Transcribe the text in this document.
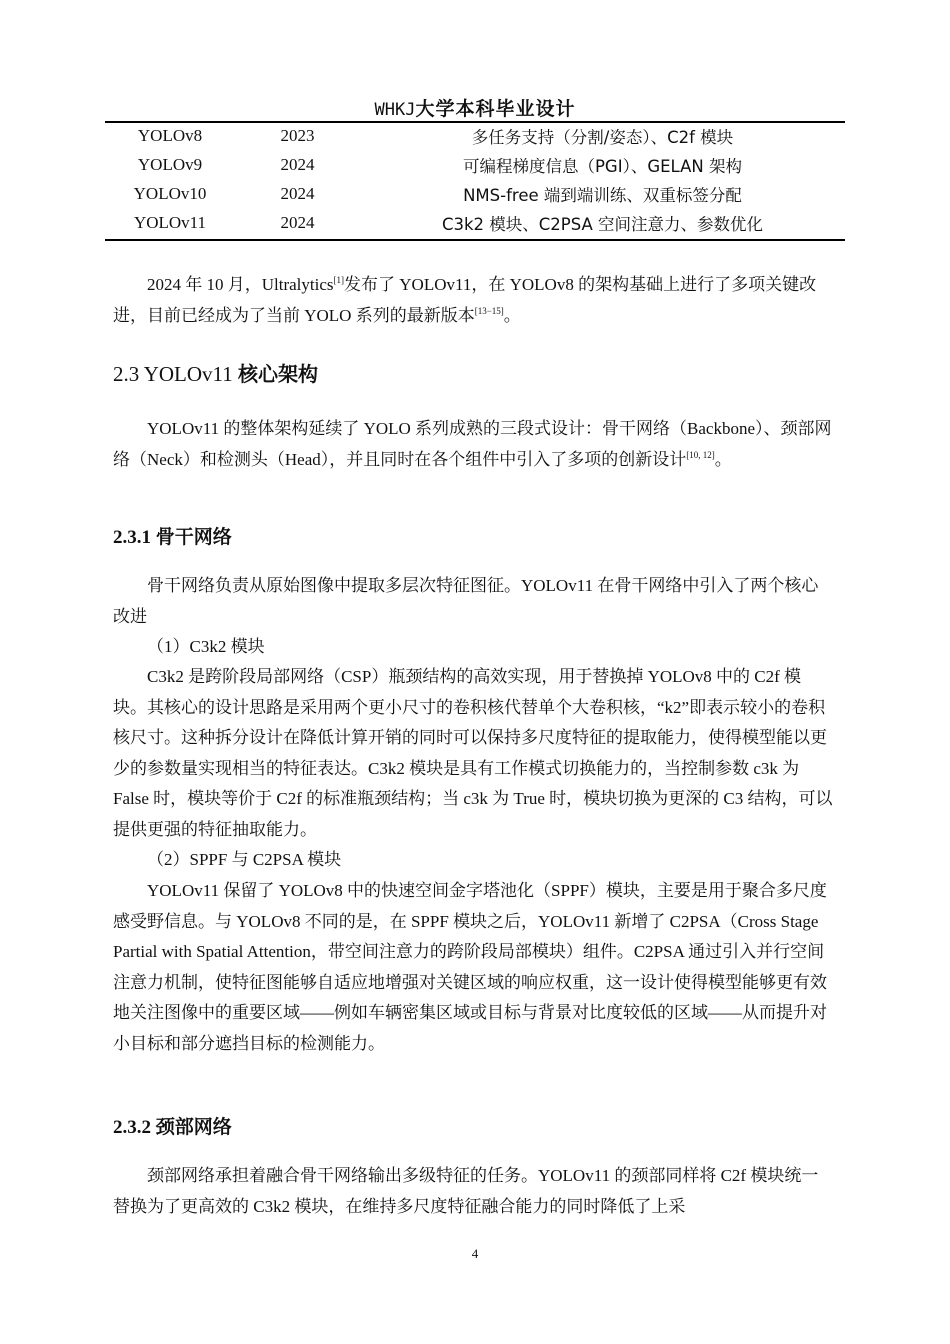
WHKJ大学本科毕业设计
YOLOv8	2023	多任务支持（分割/姿态）、C2f 模块
YOLOv9	2024	可编程梯度信息（PGI）、GELAN 架构
YOLOv10	2024	NMS-free 端到端训练、双重标签分配
YOLOv11	2024	C3k2 模块、C2PSA 空间注意力、参数优化

2024 年 10 月，Ultralytics[1]发布了 YOLOv11，在 YOLOv8 的架构基础上进行了多项关键改进，目前已经成为了当前 YOLO 系列的最新版本[13−15]。

2.3 YOLOv11 核心架构

YOLOv11 的整体架构延续了 YOLO 系列成熟的三段式设计：骨干网络（Backbone）、颈部网络（Neck）和检测头（Head），并且同时在各个组件中引入了多项的创新设计[10, 12]。

2.3.1 骨干网络

骨干网络负责从原始图像中提取多层次特征图征。YOLOv11 在骨干网络中引入了两个核心改进

（1）C3k2 模块

C3k2 是跨阶段局部网络（CSP）瓶颈结构的高效实现，用于替换掉 YOLOv8 中的 C2f 模块。其核心的设计思路是采用两个更小尺寸的卷积核代替单个大卷积核，“k2”即表示较小的卷积核尺寸。这种拆分设计在降低计算开销的同时可以保持多尺度特征的提取能力，使得模型能以更少的参数量实现相当的特征表达。C3k2 模块是具有工作模式切换能力的，当控制参数 c3k 为 False 时，模块等价于 C2f 的标准瓶颈结构；当 c3k 为 True 时，模块切换为更深的 C3 结构，可以提供更强的特征抽取能力。

（2）SPPF 与 C2PSA 模块

YOLOv11 保留了 YOLOv8 中的快速空间金字塔池化（SPPF）模块，主要是用于聚合多尺度感受野信息。与 YOLOv8 不同的是，在 SPPF 模块之后，YOLOv11 新增了 C2PSA（Cross Stage Partial with Spatial Attention，带空间注意力的跨阶段局部模块）组件。C2PSA 通过引入并行空间注意力机制，使特征图能够自适应地增强对关键区域的响应权重，这一设计使得模型能够更有效地关注图像中的重要区域——例如车辆密集区域或目标与背景对比度较低的区域——从而提升对小目标和部分遮挡目标的检测能力。

2.3.2 颈部网络

颈部网络承担着融合骨干网络输出多级特征的任务。YOLOv11 的颈部同样将 C2f 模块统一替换为了更高效的 C3k2 模块，在维持多尺度特征融合能力的同时降低了上采

4
